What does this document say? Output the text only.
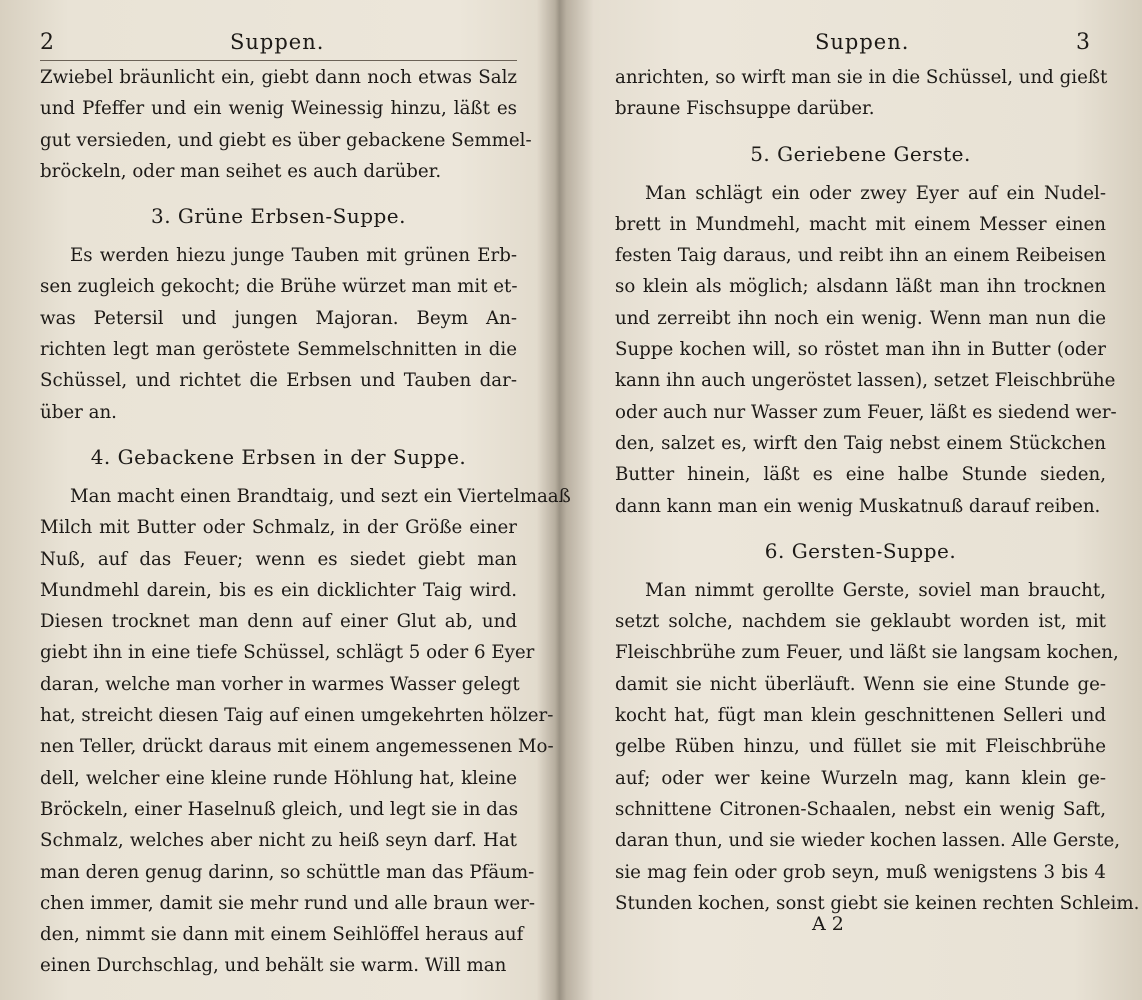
2	Suppen.
Zwiebel bräunlicht ein, giebt dann noch etwas Salz
und Pfeffer und ein wenig Weinessig hinzu, läßt es
gut versieden, und giebt es über gebackene Semmel-
bröckeln, oder man seihet es auch darüber.
3. Grüne Erbsen-Suppe.
Es werden hiezu junge Tauben mit grünen Erb-
sen zugleich gekocht; die Brühe würzet man mit et-
was Petersil und jungen Majoran. Beym An-
richten legt man geröstete Semmelschnitten in die
Schüssel, und richtet die Erbsen und Tauben dar-
über an.
4. Gebackene Erbsen in der Suppe.
Man macht einen Brandtaig, und sezt ein Viertelmaaß
Milch mit Butter oder Schmalz, in der Größe einer
Nuß, auf das Feuer; wenn es siedet giebt man
Mundmehl darein, bis es ein dicklichter Taig wird.
Diesen trocknet man denn auf einer Glut ab, und
giebt ihn in eine tiefe Schüssel, schlägt 5 oder 6 Eyer
daran, welche man vorher in warmes Wasser gelegt
hat, streicht diesen Taig auf einen umgekehrten hölzer-
nen Teller, drückt daraus mit einem angemessenen Mo-
dell, welcher eine kleine runde Höhlung hat, kleine
Bröckeln, einer Haselnuß gleich, und legt sie in das
Schmalz, welches aber nicht zu heiß seyn darf. Hat
man deren genug darinn, so schüttle man das Pfäum-
chen immer, damit sie mehr rund und alle braun wer-
den, nimmt sie dann mit einem Seihlöffel heraus auf
einen Durchschlag, und behält sie warm. Will man
Suppen.	3
anrichten, so wirft man sie in die Schüssel, und gießt
braune Fischsuppe darüber.
5. Geriebene Gerste.
Man schlägt ein oder zwey Eyer auf ein Nudel-
brett in Mundmehl, macht mit einem Messer einen
festen Taig daraus, und reibt ihn an einem Reibeisen
so klein als möglich; alsdann läßt man ihn trocknen
und zerreibt ihn noch ein wenig. Wenn man nun die
Suppe kochen will, so röstet man ihn in Butter (oder
kann ihn auch ungeröstet lassen), setzet Fleischbrühe
oder auch nur Wasser zum Feuer, läßt es siedend wer-
den, salzet es, wirft den Taig nebst einem Stückchen
Butter hinein, läßt es eine halbe Stunde sieden,
dann kann man ein wenig Muskatnuß darauf reiben.
6. Gersten-Suppe.
Man nimmt gerollte Gerste, soviel man braucht,
setzt solche, nachdem sie geklaubt worden ist, mit
Fleischbrühe zum Feuer, und läßt sie langsam kochen,
damit sie nicht überläuft. Wenn sie eine Stunde ge-
kocht hat, fügt man klein geschnittenen Selleri und
gelbe Rüben hinzu, und füllet sie mit Fleischbrühe
auf; oder wer keine Wurzeln mag, kann klein ge-
schnittene Citronen-Schaalen, nebst ein wenig Saft,
daran thun, und sie wieder kochen lassen. Alle Gerste,
sie mag fein oder grob seyn, muß wenigstens 3 bis 4
Stunden kochen, sonst giebt sie keinen rechten Schleim.
A 2
